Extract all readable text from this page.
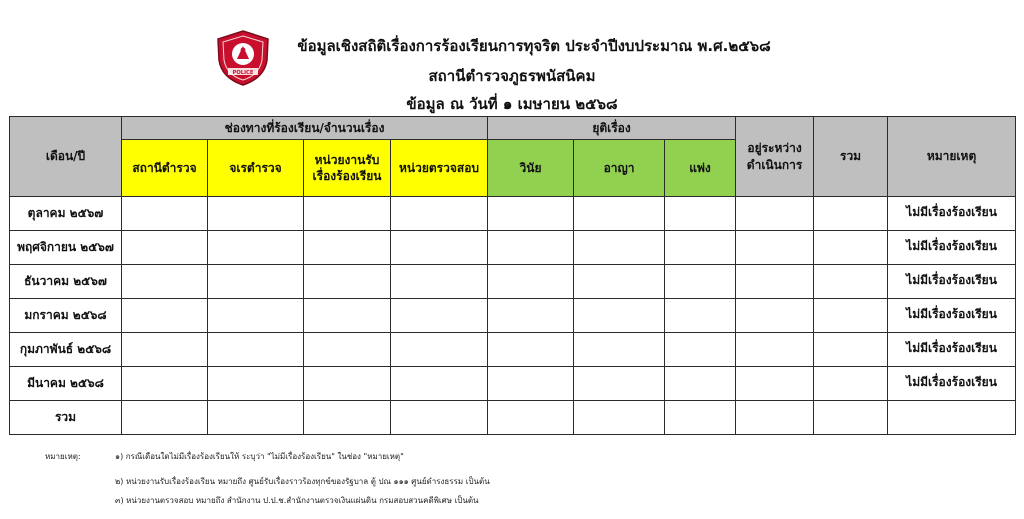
POLICE
ข้อมูลเชิงสถิติเรื่องการร้องเรียนการทุจริต ประจำปีงบประมาณ พ.ศ.๒๕๖๘
สถานีตำรวจภูธรพนัสนิคม
ข้อมูล ณ วันที่ ๑ เมษายน ๒๕๖๘
เดือน/ปี	ช่องทางที่ร้องเรียน/จำนวนเรื่อง				ยุติเรื่อง			อยู่ระหว่าง ดำเนินการ	รวม	หมายเหตุ
	สถานีตำรวจ	จเรตำรวจ	หน่วยงานรับ เรื่องร้องเรียน	หน่วยตรวจสอบ	วินัย	อาญา	แพ่ง			
ตุลาคม ๒๕๖๗										ไม่มีเรื่องร้องเรียน

พฤศจิกายน ๒๕๖๗										ไม่มีเรื่องร้องเรียน

ธันวาคม ๒๕๖๗										ไม่มีเรื่องร้องเรียน

มกราคม ๒๕๖๘										ไม่มีเรื่องร้องเรียน

กุมภาพันธ์ ๒๕๖๘										ไม่มีเรื่องร้องเรียน

มีนาคม ๒๕๖๘										ไม่มีเรื่องร้องเรียน

รวม										
หมายเหตุ:	๑) กรณีเดือนใดไม่มีเรื่องร้องเรียนให้ ระบุว่า "ไม่มีเรื่องร้องเรียน" ในช่อง "หมายเหตุ"
๒) หน่วยงานรับเรื่องร้องเรียน หมายถึง ศูนย์รับเรื่องราวร้องทุกข์ของรัฐบาล ตู้ ปณ ๑๑๑ ศูนย์ดำรงธรรม เป็นต้น
๓) หน่วยงานตรวจสอบ หมายถึง สำนักงาน ป.ป.ช.สำนักงานตรวจเงินแผ่นดิน กรมสอบสวนคดีพิเศษ เป็นต้น
